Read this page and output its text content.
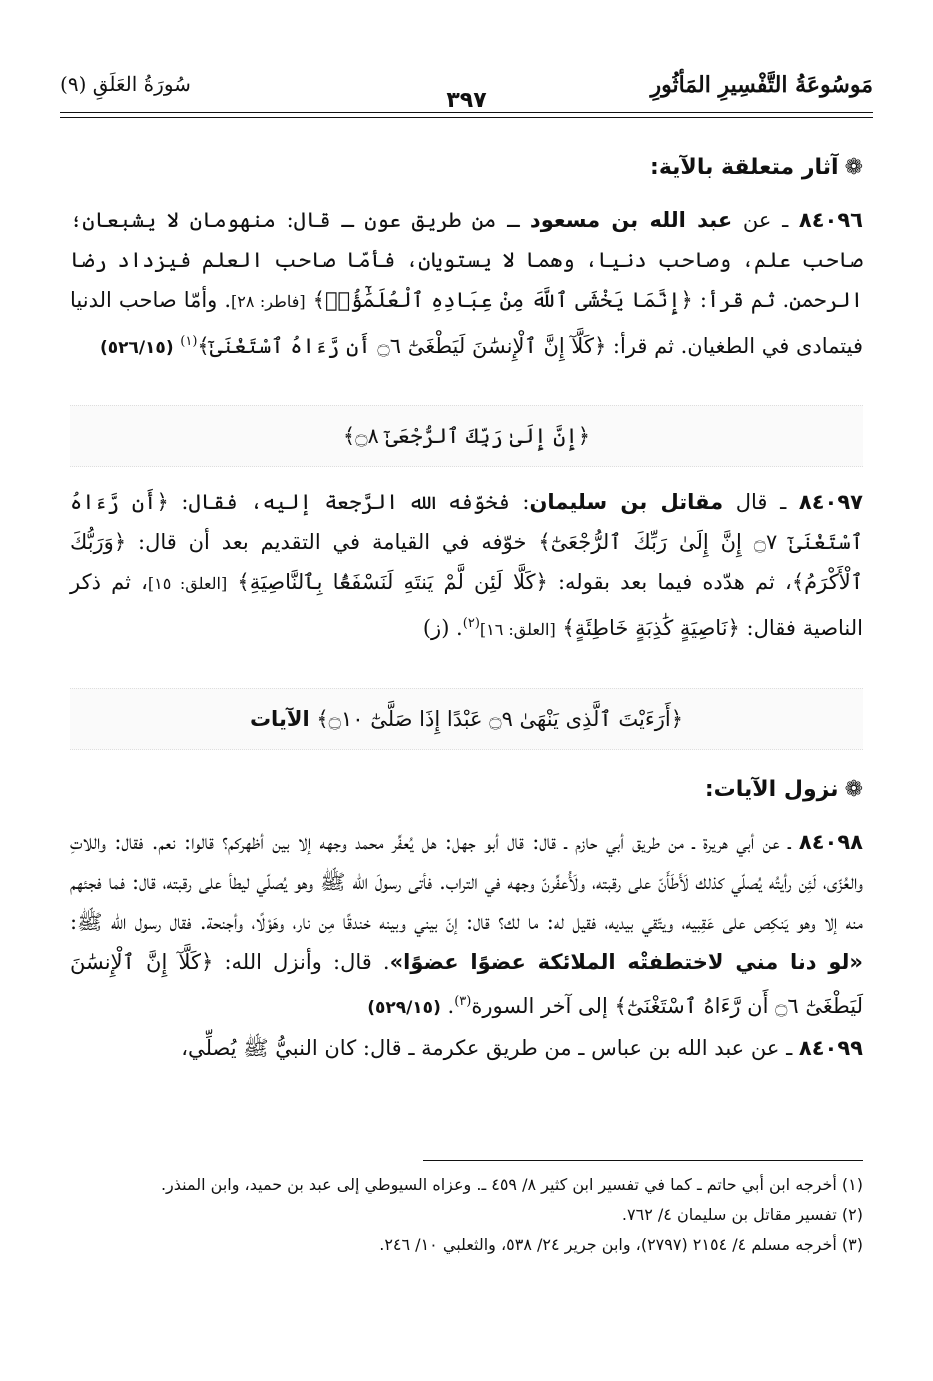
مَوسُوعَةُ التَّفْسِيرِ المَأثُورِ
سُورَةُ العَلَقِ (٩)
٣٩٧
❁آثار متعلقة بالآية:
٨٤٠٩٦ ـ عن عبد الله بن مسعود ـ من طريق عون ـ قال: منهومان لا يشبعان؛ صاحب علم، وصاحب دنيا، وهما لا يستويان، فأمّا صاحب العلم فيزداد رضا الرحمن. ثم قرأ: ﴿إِنَّمَا يَخْشَى ٱللَّهَ مِنْ عِبَادِهِ ٱلْعُلَمَٰٓؤُا۟﴾ [فاطر: ٢٨]. وأمّا صاحب الدنيا فيتمادى في الطغيان. ثم قرأ: ﴿كَلَّآ إِنَّ ٱلْإِنسَٰنَ لَيَطْغَىٰٓ ۝٦ أَن رَّءَاهُ ٱسْتَغْنَىٰٓ﴾$^{(١)}$ (٥٢٦/١٥)
﴿إِنَّ إِلَىٰ رَبِّكَ ٱلرُّجْعَىٰٓ ۝٨﴾
٨٤٠٩٧ ـ قال مقاتل بن سليمان: فخوّفه الله الرَّجعة إليه، فقال: ﴿أَن رَّءَاهُ ٱسْتَغْنَىٰٓ ۝٧ إِنَّ إِلَىٰ رَبِّكَ ٱلرُّجْعَىٰٓ﴾ خوّفه في القيامة في التقديم بعد أن قال: ﴿وَرَبُّكَ ٱلْأَكْرَمُ﴾، ثم هدّده فيما بعد بقوله: ﴿كَلَّا لَئِن لَّمْ يَنتَهِ لَنَسْفَعًۢا بِٱلنَّاصِيَةِ﴾ [العلق: ١٥]، ثم ذكر الناصية فقال: ﴿نَاصِيَةٍ كَٰذِبَةٍ خَاطِئَةٍ﴾ [العلق: ١٦]$^{(٢)}$. (ز)
﴿أَرَءَيْتَ ٱلَّذِى يَنْهَىٰ ۝٩ عَبْدًا إِذَا صَلَّىٰٓ ۝١٠﴾ الآيات
❁نزول الآيات:
٨٤٠٩٨ ـ عن أبي هريرة ـ من طريق أبي حازم ـ قال: قال أبو جهل: هل يُعفِّر محمد وجهه إلا بين أظهركم؟ قالوا: نعم. فقال: واللاتِ والعُزّى، لَئِن رأيتُه يُصلّي كذلك لَأَطَأَنّ على رقبته، ولَأُعفِّرنّ وجهه في التراب. فأتى رسولَ الله ﷺ وهو يُصلّي ليطأ على رقبته، قال: فما فجئهم منه إلا وهو يَنكِص على عَقِبيه، ويتّقي بيديه، فقيل له: ما لك؟ قال: إنّ بيني وبينه خندقًا مِن نار، وهَوْلًا، وأجنحة. فقال رسول الله ﷺ: «لو دنا مني لاختطفتْه الملائكة عضوًا عضوًا». قال: وأنزل الله: ﴿كَلَّآ إِنَّ ٱلْإِنسَٰنَ لَيَطْغَىٰٓ ۝٦ أَن رَّءَاهُ ٱسْتَغْنَىٰٓ﴾ إلى آخر السورة$^{(٣)}$. (٥٢٩/١٥)
٨٤٠٩٩ ـ عن عبد الله بن عباس ـ من طريق عكرمة ـ قال: كان النبيُّ ﷺ يُصلِّي،

(١) أخرجه ابن أبي حاتم ـ كما في تفسير ابن كثير ٨/ ٤٥٩ ـ. وعزاه السيوطي إلى عبد بن حميد، وابن المنذر.

(٢) تفسير مقاتل بن سليمان ٤/ ٧٦٢.

(٣) أخرجه مسلم ٤/ ٢١٥٤ (٢٧٩٧)، وابن جرير ٢٤/ ٥٣٨، والثعلبي ١٠/ ٢٤٦.
